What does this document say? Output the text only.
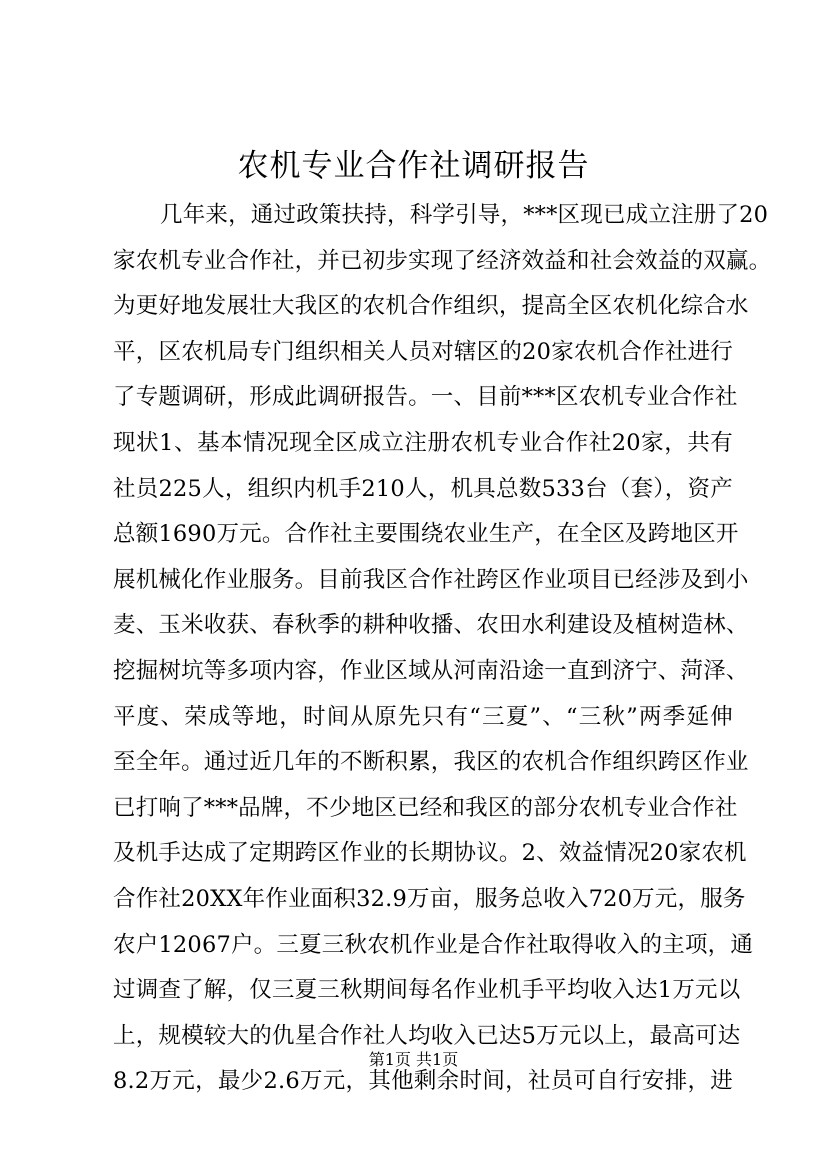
农机专业合作社调研报告
几年来，通过政策扶持，科学引导，***区现已成立注册了20
家农机专业合作社，并已初步实现了经济效益和社会效益的双赢。
为更好地发展壮大我区的农机合作组织，提高全区农机化综合水
平，区农机局专门组织相关人员对辖区的20家农机合作社进行
了专题调研，形成此调研报告。一、目前***区农机专业合作社
现状1、基本情况现全区成立注册农机专业合作社20家，共有
社员225人，组织内机手210人，机具总数533台（套），资产
总额1690万元。合作社主要围绕农业生产，在全区及跨地区开
展机械化作业服务。目前我区合作社跨区作业项目已经涉及到小
麦、玉米收获、春秋季的耕种收播、农田水利建设及植树造林、
挖掘树坑等多项内容，作业区域从河南沿途一直到济宁、菏泽、
平度、荣成等地，时间从原先只有“三夏”、“三秋”两季延伸
至全年。通过近几年的不断积累，我区的农机合作组织跨区作业
已打响了***品牌，不少地区已经和我区的部分农机专业合作社
及机手达成了定期跨区作业的长期协议。2、效益情况20家农机
合作社20XX年作业面积32.9万亩，服务总收入720万元，服务
农户12067户。三夏三秋农机作业是合作社取得收入的主项，通
过调查了解，仅三夏三秋期间每名作业机手平均收入达1万元以
上，规模较大的仇星合作社人均收入已达5万元以上，最高可达
8.2万元，最少2.6万元，其他剩余时间，社员可自行安排，进
第1页 共1页
